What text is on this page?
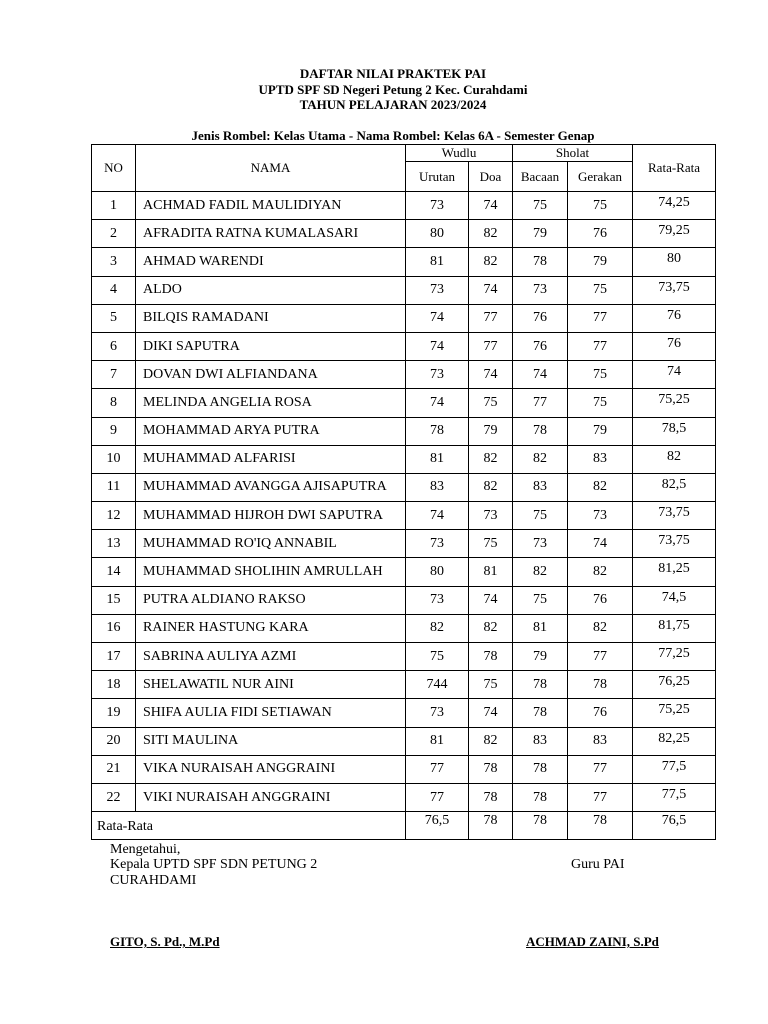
DAFTAR NILAI PRAKTEK PAI
UPTD SPF SD Negeri Petung 2 Kec. Curahdami
TAHUN PELAJARAN 2023/2024
Jenis Rombel: Kelas Utama - Nama Rombel: Kelas 6A - Semester Genap
NO	NAMA	Wudlu		Sholat		Rata-Rata
		Urutan	Doa	Bacaan	Gerakan	
1	ACHMAD FADIL MAULIDIYAN	73	74	75	75	74,25
2	AFRADITA RATNA KUMALASARI	80	82	79	76	79,25
3	AHMAD WARENDI	81	82	78	79	80
4	ALDO	73	74	73	75	73,75
5	BILQIS RAMADANI	74	77	76	77	76
6	DIKI SAPUTRA	74	77	76	77	76
7	DOVAN DWI ALFIANDANA	73	74	74	75	74
8	MELINDA ANGELIA ROSA	74	75	77	75	75,25
9	MOHAMMAD ARYA PUTRA	78	79	78	79	78,5
10	MUHAMMAD ALFARISI	81	82	82	83	82
11	MUHAMMAD AVANGGA AJISAPUTRA	83	82	83	82	82,5
12	MUHAMMAD HIJROH DWI SAPUTRA	74	73	75	73	73,75
13	MUHAMMAD RO'IQ ANNABIL	73	75	73	74	73,75
14	MUHAMMAD SHOLIHIN AMRULLAH	80	81	82	82	81,25
15	PUTRA ALDIANO RAKSO	73	74	75	76	74,5
16	RAINER HASTUNG KARA	82	82	81	82	81,75
17	SABRINA AULIYA AZMI	75	78	79	77	77,25
18	SHELAWATIL NUR AINI	744	75	78	78	76,25
19	SHIFA AULIA FIDI SETIAWAN	73	74	78	76	75,25
20	SITI MAULINA	81	82	83	83	82,25
21	VIKA NURAISAH ANGGRAINI	77	78	78	77	77,5
22	VIKI NURAISAH ANGGRAINI	77	78	78	77	77,5
Rata-Rata		76,5	78	78	78	76,5
Mengetahui,
Kepala UPTD SPF SDN PETUNG 2
CURAHDAMI
Guru PAI
GITO, S. Pd., M.Pd	ACHMAD ZAINI, S.Pd
